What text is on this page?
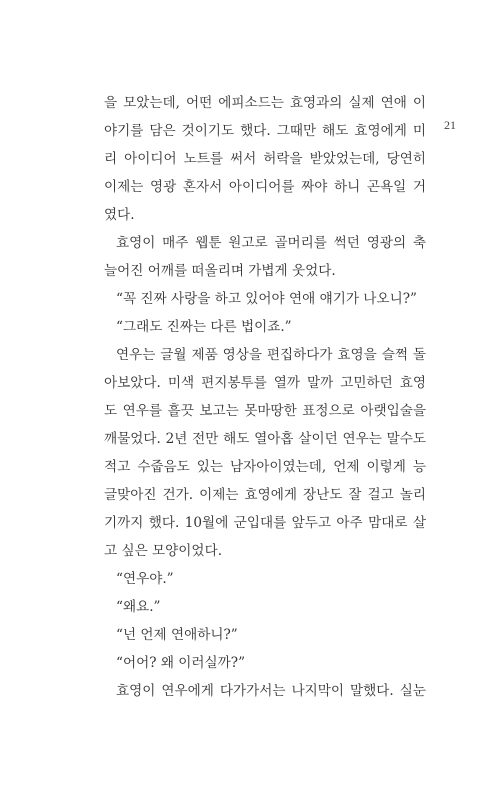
21
을 모았는데, 어떤 에피소드는 효영과의 실제 연애 이
야기를 담은 것이기도 했다. 그때만 해도 효영에게 미
리 아이디어 노트를 써서 허락을 받았었는데, 당연히
이제는 영광 혼자서 아이디어를 짜야 하니 곤욕일 거
였다.
효영이 매주 웹툰 원고로 골머리를 썩던 영광의 축
늘어진 어깨를 떠올리며 가볍게 웃었다.
“꼭 진짜 사랑을 하고 있어야 연애 얘기가 나오니?”
“그래도 진짜는 다른 법이죠.”
연우는 글월 제품 영상을 편집하다가 효영을 슬쩍 돌
아보았다. 미색 편지봉투를 열까 말까 고민하던 효영
도 연우를 흘끗 보고는 못마땅한 표정으로 아랫입술을
깨물었다. 2년 전만 해도 열아홉 살이던 연우는 말수도
적고 수줍음도 있는 남자아이였는데, 언제 이렇게 능
글맞아진 건가. 이제는 효영에게 장난도 잘 걸고 놀리
기까지 했다. 10월에 군입대를 앞두고 아주 맘대로 살
고 싶은 모양이었다.
“연우야.”
“왜요.”
“넌 언제 연애하니?”
“어어? 왜 이러실까?”
효영이 연우에게 다가가서는 나지막이 말했다. 실눈
